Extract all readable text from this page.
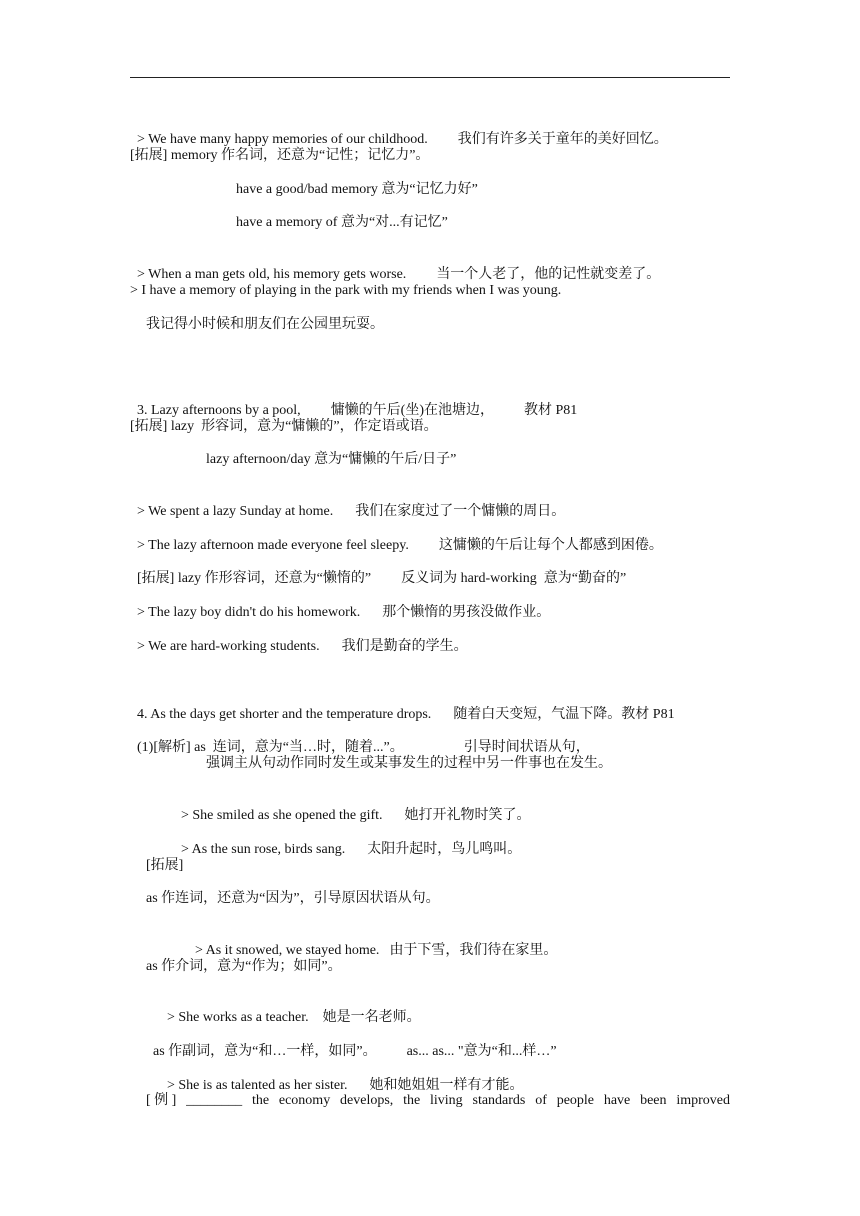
> We have many happy memories of our childhood. 我们有许多关于童年的美好回忆。

[拓展] memory 作名词，还意为“记性；记忆力”。
have a good/bad memory 意为“记忆力好”
have a memory of 意为“对...有记忆”

> When a man gets old, his memory gets worse. 当一个人老了，他的记性就变差了。

> I have a memory of playing in the park with my friends when I was young.
我记得小时候和朋友们在公园里玩耍。

3. Lazy afternoons by a pool, 慵懒的午后(坐)在池塘边， 教材 P81

[拓展] lazy  形容词，意为“慵懒的”，作定语或语。
lazy afternoon/day 意为“慵懒的午后/日子”

> We spent a lazy Sunday at home. 我们在家度过了一个慵懒的周日。

> The lazy afternoon made everyone feel sleepy. 这慵懒的午后让每个人都感到困倦。

[拓展] lazy 作形容词，还意为“懒惰的” 反义词为 hard-working  意为“勤奋的”

> The lazy boy didn't do his homework. 那个懒惰的男孩没做作业。

> We are hard-working students. 我们是勤奋的学生。

4. As the days get shorter and the temperature drops. 随着白天变短，气温下降。教材 P81

(1)[解析] as  连词，意为“当…时，随着...”。	引导时间状语从句，

强调主从句动作同时发生或某事发生的过程中另一件事也在发生。

> She smiled as she opened the gift. 她打开礼物时笑了。

> As the sun rose, birds sang. 太阳升起时，鸟儿鸣叫。

[拓展]
as 作连词，还意为“因为”，引导原因状语从句。

> As it snowed, we stayed home. 由于下雪，我们待在家里。

as 作介词，意为“作为；如同”。

> She works as a teacher. 她是一名老师。

as 作副词，意为“和…一样，如同”。 as... as... "意为“和...样…”

> She is as talented as her sister. 她和她姐姐一样有才能。

[ 例 ] ________ the economy develops, the living standards of people have been improved
